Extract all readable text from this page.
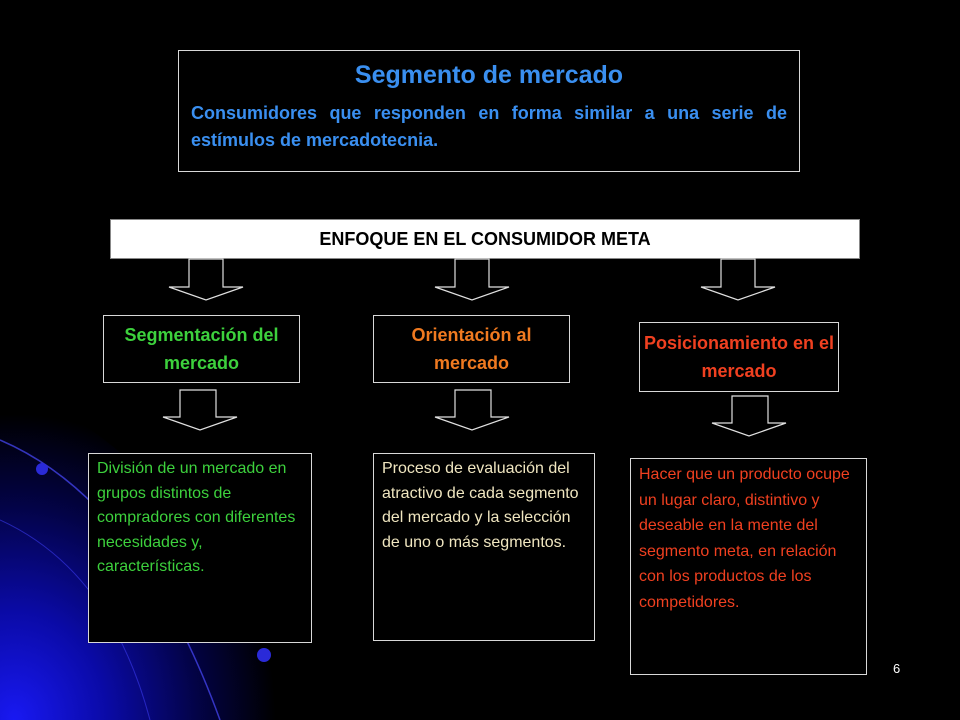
Segmento de mercado
Consumidores que responden en forma similar a una serie de estímulos de mercadotecnia.
ENFOQUE EN EL CONSUMIDOR META
Segmentación del mercado
Orientación al mercado
Posicionamiento en el mercado
División de un mercado en grupos distintos de compradores con diferentes necesidades y, características.
Proceso de evaluación del atractivo de cada segmento del mercado y la selección de uno o más segmentos.
Hacer que un producto ocupe un lugar claro, distintivo y deseable en la mente del segmento meta, en relación con los productos de los competidores.
6
